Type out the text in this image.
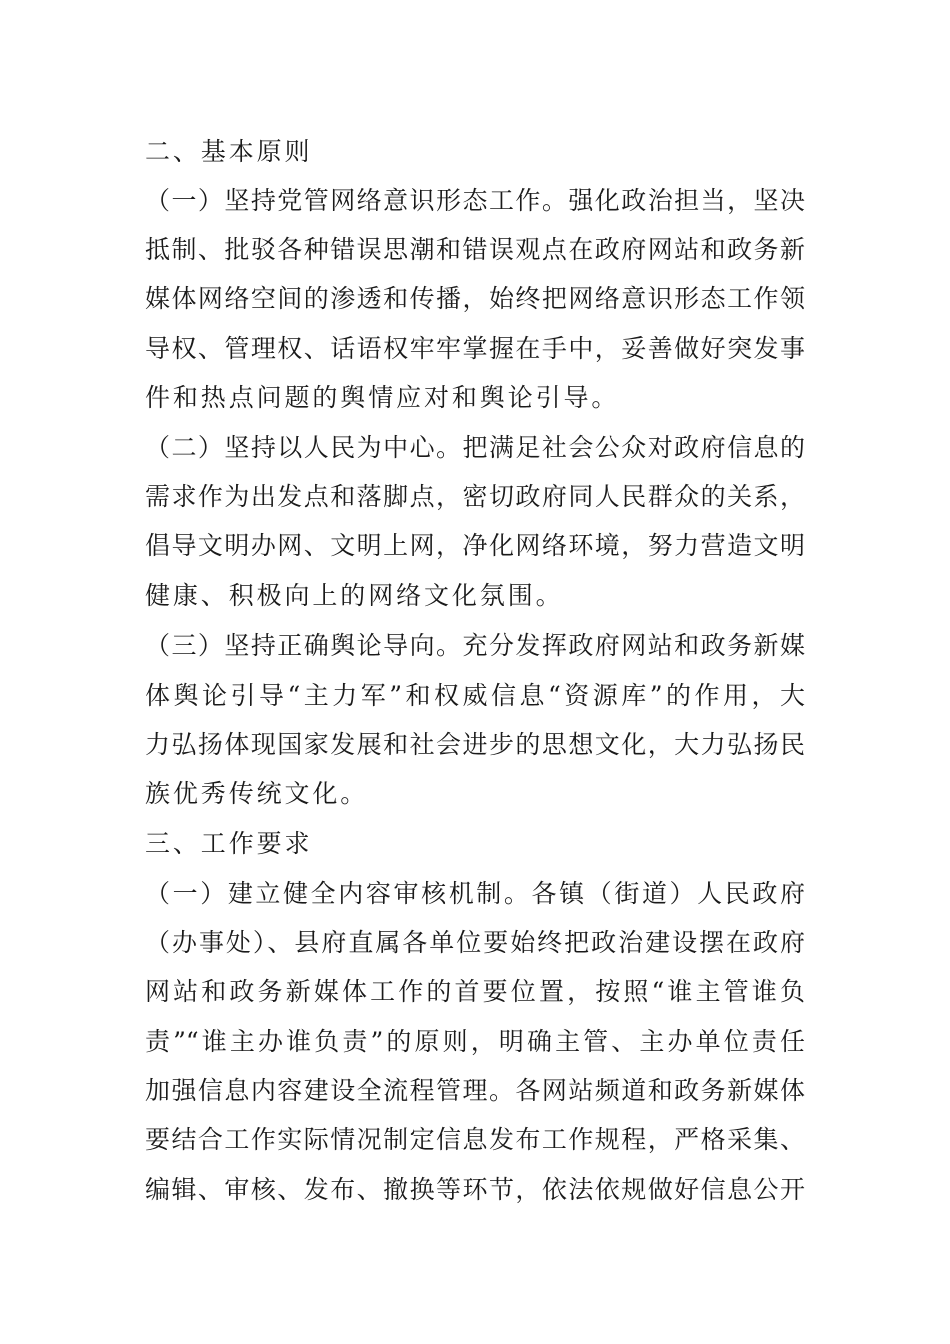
二、基本原则
（一）坚持党管网络意识形态工作。强化政治担当，坚决
抵制、批驳各种错误思潮和错误观点在政府网站和政务新
媒体网络空间的渗透和传播，始终把网络意识形态工作领
导权、管理权、话语权牢牢掌握在手中，妥善做好突发事
件和热点问题的舆情应对和舆论引导。
（二）坚持以人民为中心。把满足社会公众对政府信息的
需求作为出发点和落脚点，密切政府同人民群众的关系，
倡导文明办网、文明上网，净化网络环境，努力营造文明
健康、积极向上的网络文化氛围。
（三）坚持正确舆论导向。充分发挥政府网站和政务新媒
体舆论引导“主力军”和权威信息“资源库”的作用，大
力弘扬体现国家发展和社会进步的思想文化，大力弘扬民
族优秀传统文化。
三、工作要求
（一）建立健全内容审核机制。各镇（街道）人民政府
（办事处）、县府直属各单位要始终把政治建设摆在政府
网站和政务新媒体工作的首要位置，按照“谁主管谁负
责”“谁主办谁负责”的原则，明确主管、主办单位责任
加强信息内容建设全流程管理。各网站频道和政务新媒体
要结合工作实际情况制定信息发布工作规程，严格采集、
编辑、审核、发布、撤换等环节，依法依规做好信息公开
